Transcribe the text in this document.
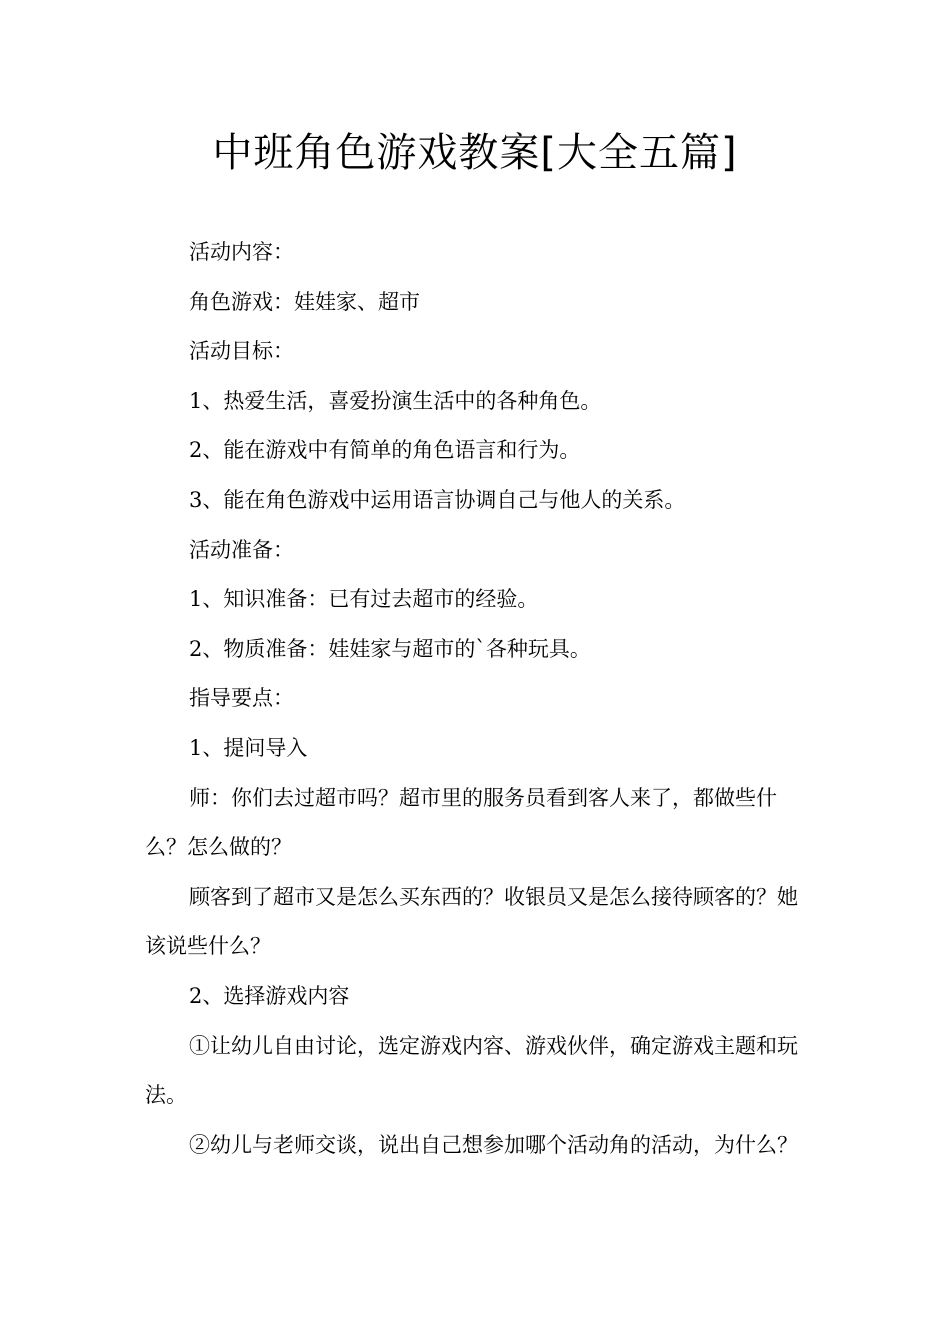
中班角色游戏教案[大全五篇]

活动内容：

角色游戏：娃娃家、超市

活动目标：

1、热爱生活，喜爱扮演生活中的各种角色。

2、能在游戏中有简单的角色语言和行为。

3、能在角色游戏中运用语言协调自己与他人的关系。

活动准备：

1、知识准备：已有过去超市的经验。

2、物质准备：娃娃家与超市的`各种玩具。

指导要点：

1、提问导入

师：你们去过超市吗？超市里的服务员看到客人来了，都做些什么？怎么做的？

顾客到了超市又是怎么买东西的？收银员又是怎么接待顾客的？她该说些什么？

2、选择游戏内容

①让幼儿自由讨论，选定游戏内容、游戏伙伴，确定游戏主题和玩法。

②幼儿与老师交谈，说出自己想参加哪个活动角的活动，为什么？
